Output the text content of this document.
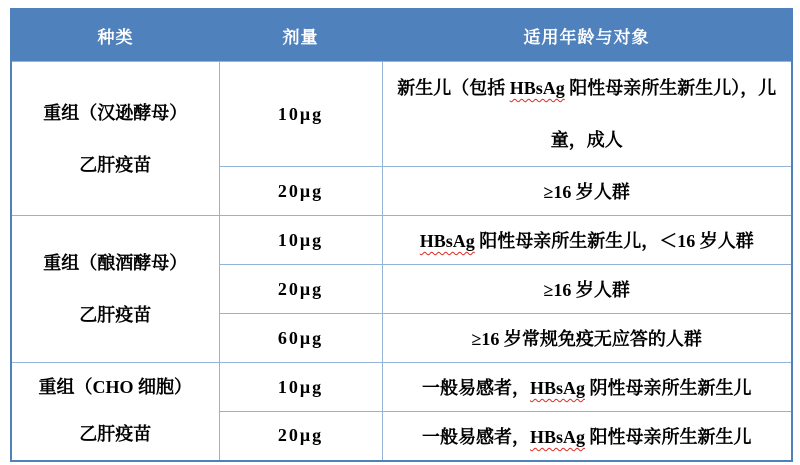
种类	剂量	适用年龄与对象

重组（汉逊酵母）
乙肝疫苗	10μg	新生儿（包括 HBsAg 阳性母亲所生新生儿），儿童，成人
	20μg	≥16 岁人群

重组（酿酒酵母）
乙肝疫苗	10μg	HBsAg 阳性母亲所生新生儿，＜16 岁人群
	20μg	≥16 岁人群
	60μg	≥16 岁常规免疫无应答的人群

重组（CHO 细胞）
乙肝疫苗	10μg	一般易感者，HBsAg 阴性母亲所生新生儿
	20μg	一般易感者，HBsAg 阳性母亲所生新生儿
